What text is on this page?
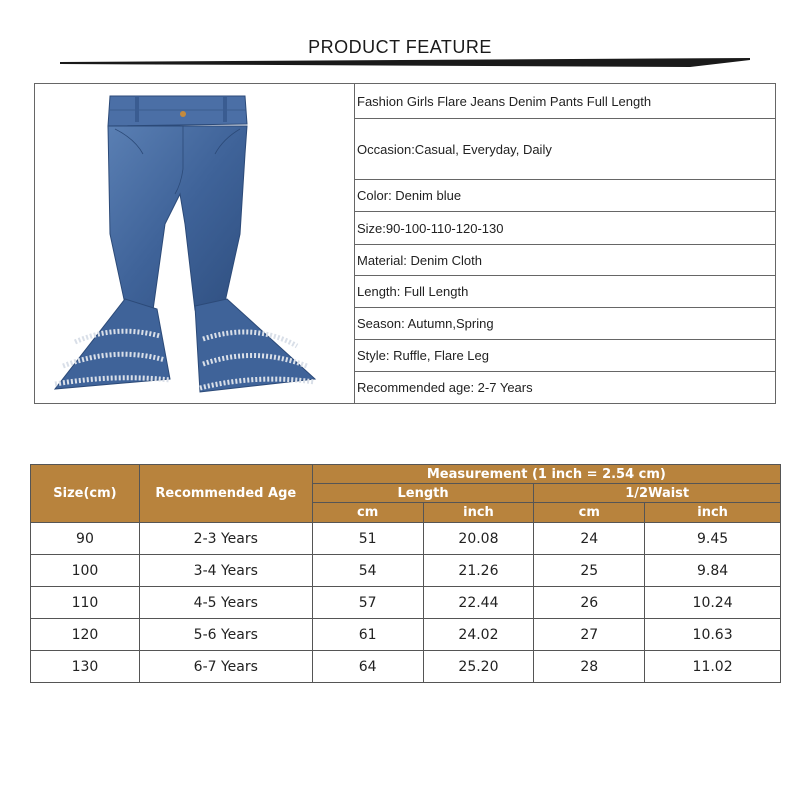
PRODUCT FEATURE
Fashion Girls Flare Jeans Denim Pants Full Length
Occasion:Casual, Everyday, Daily
Color: Denim blue
Size:90-100-110-120-130
Material: Denim Cloth
Length: Full Length
Season: Autumn,Spring
Style: Ruffle, Flare Leg
Recommended age: 2-7 Years
Size(cm)	Recommended Age	Measurement (1 inch = 2.54 cm)			
		Length		1/2Waist	
		cm	inch	cm	inch
90	2-3 Years	51	20.08	24	9.45
100	3-4 Years	54	21.26	25	9.84
110	4-5 Years	57	22.44	26	10.24
120	5-6 Years	61	24.02	27	10.63
130	6-7 Years	64	25.20	28	11.02
